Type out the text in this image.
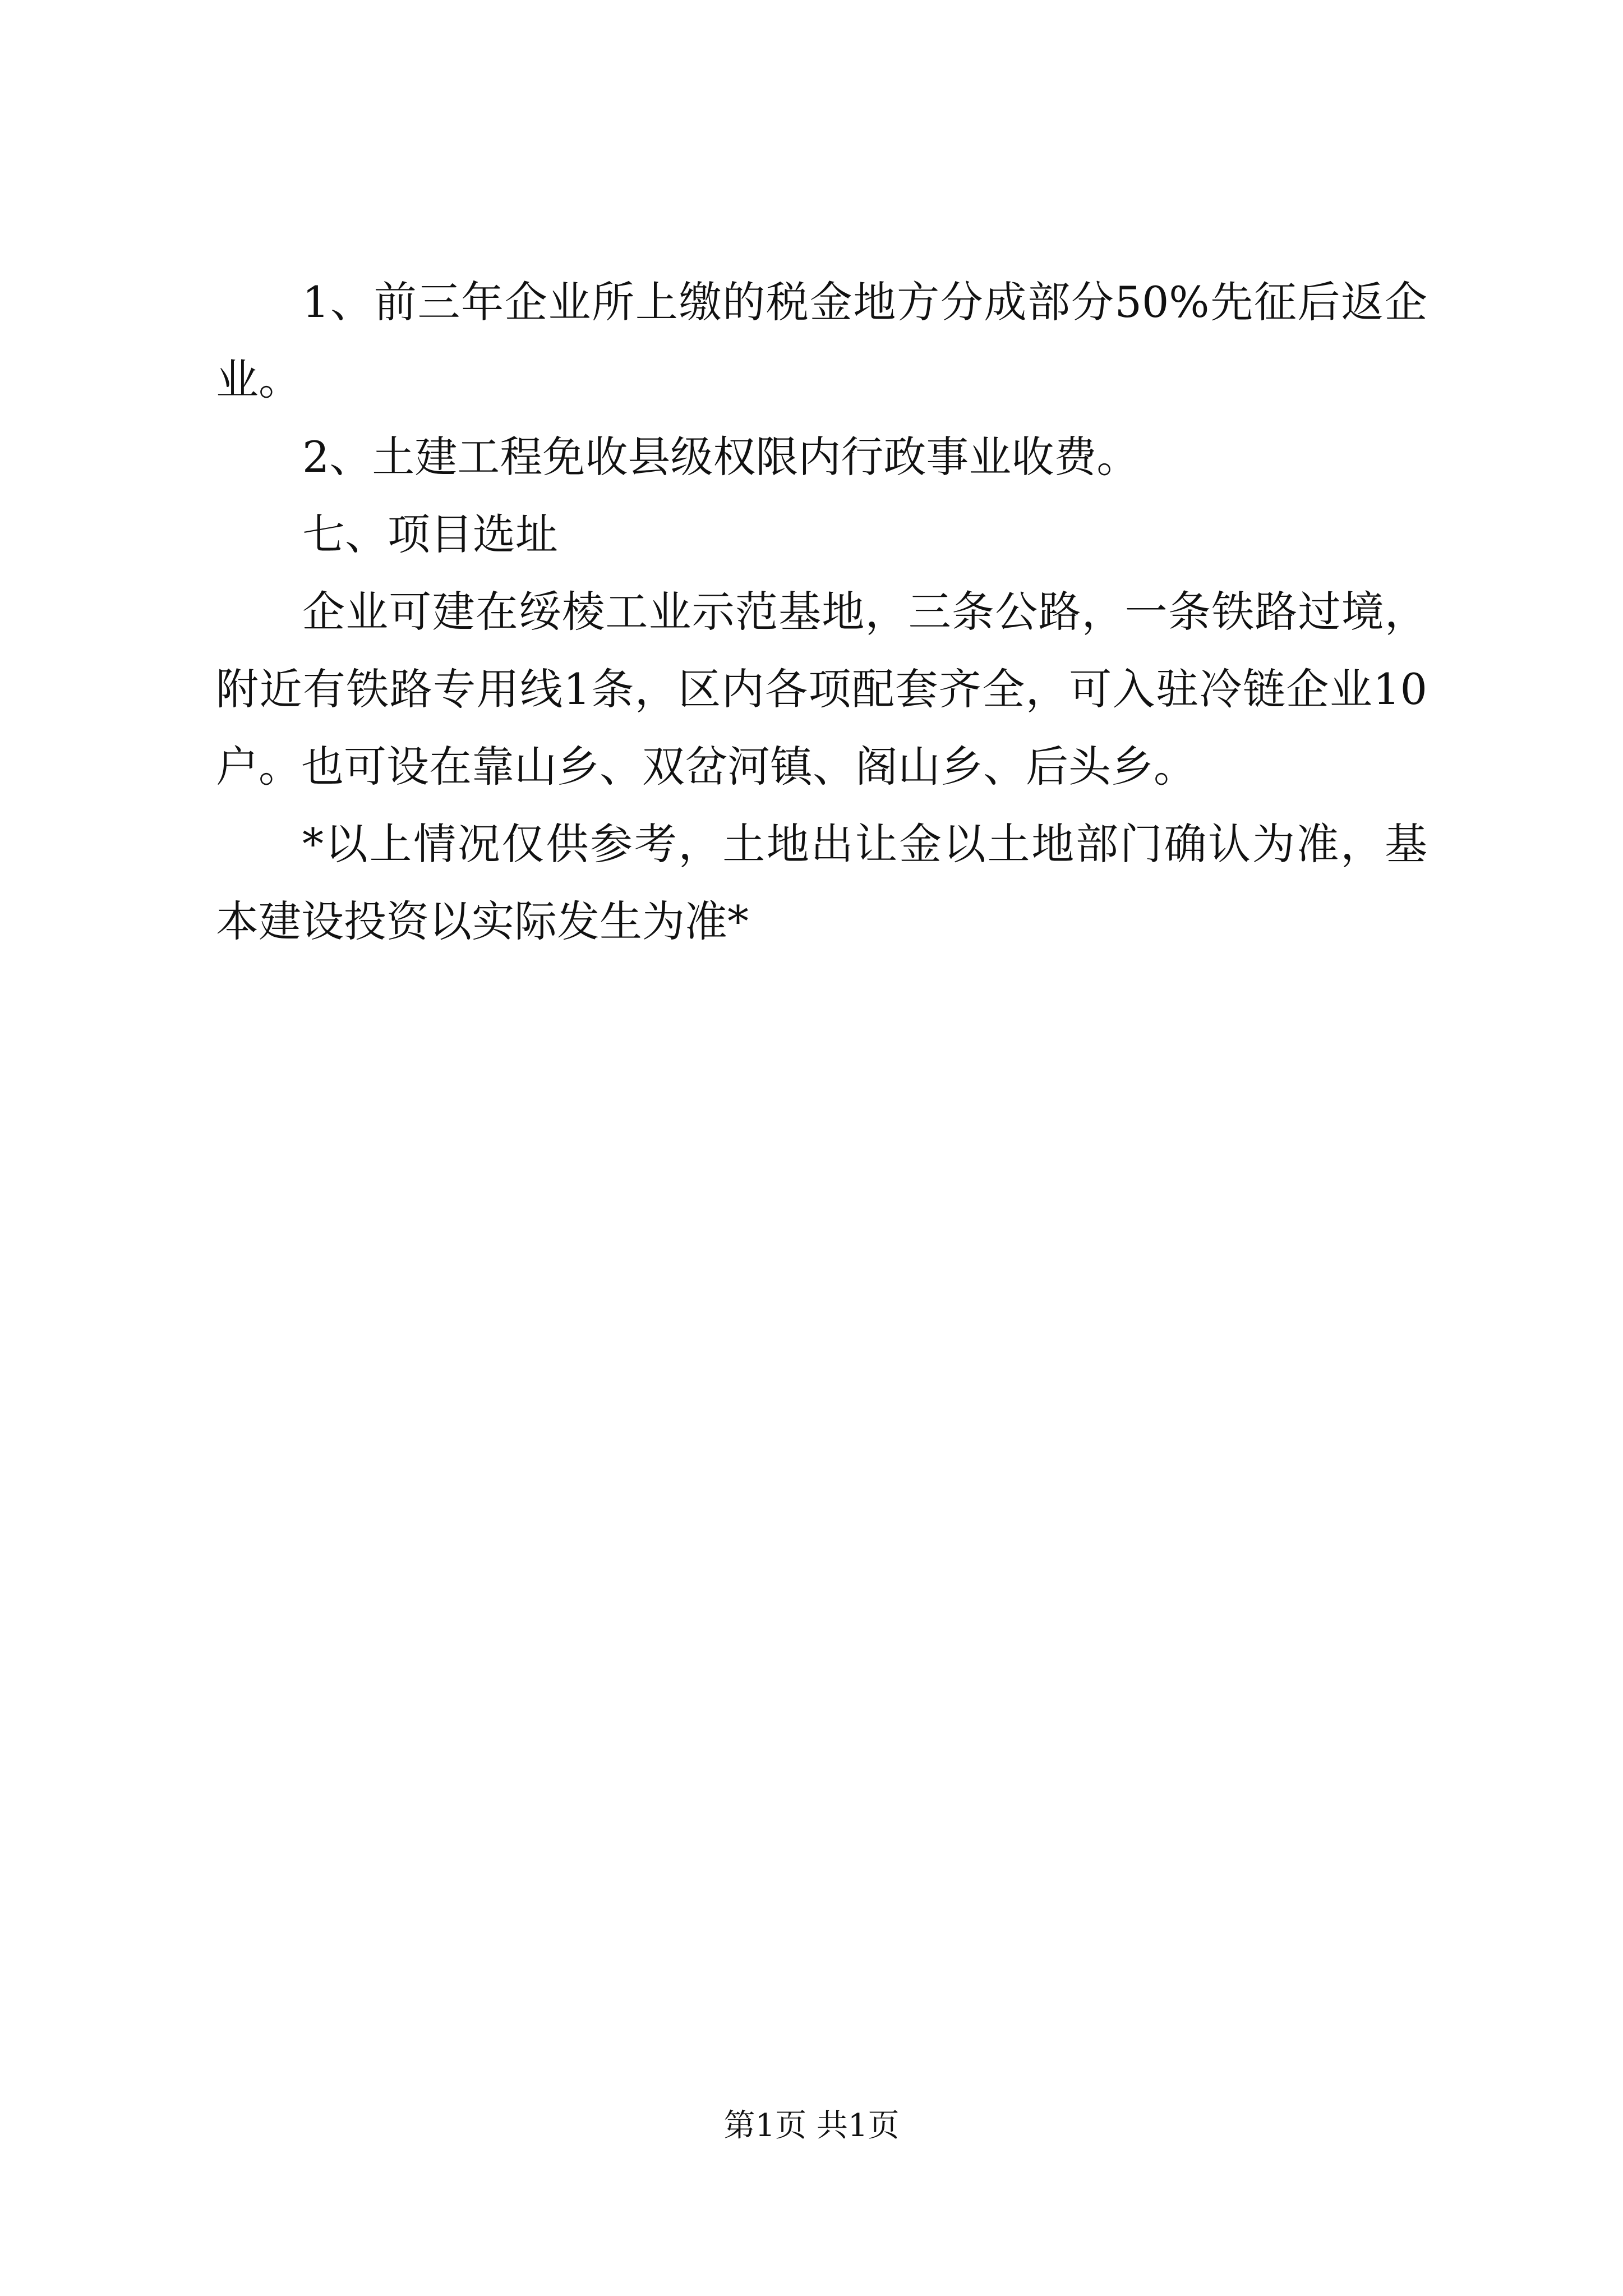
1、前三年企业所上缴的税金地方分成部分50%先征后返企业。

2、土建工程免收县级权限内行政事业收费。

七、项目选址

企业可建在绥棱工业示范基地，三条公路，一条铁路过境，附近有铁路专用线1条，区内各项配套齐全，可入驻冷链企业10户。也可设在靠山乡、双岔河镇、阁山乡、后头乡。

*以上情况仅供参考，土地出让金以土地部门确认为准，基本建设投资以实际发生为准*

第1页 共1页
